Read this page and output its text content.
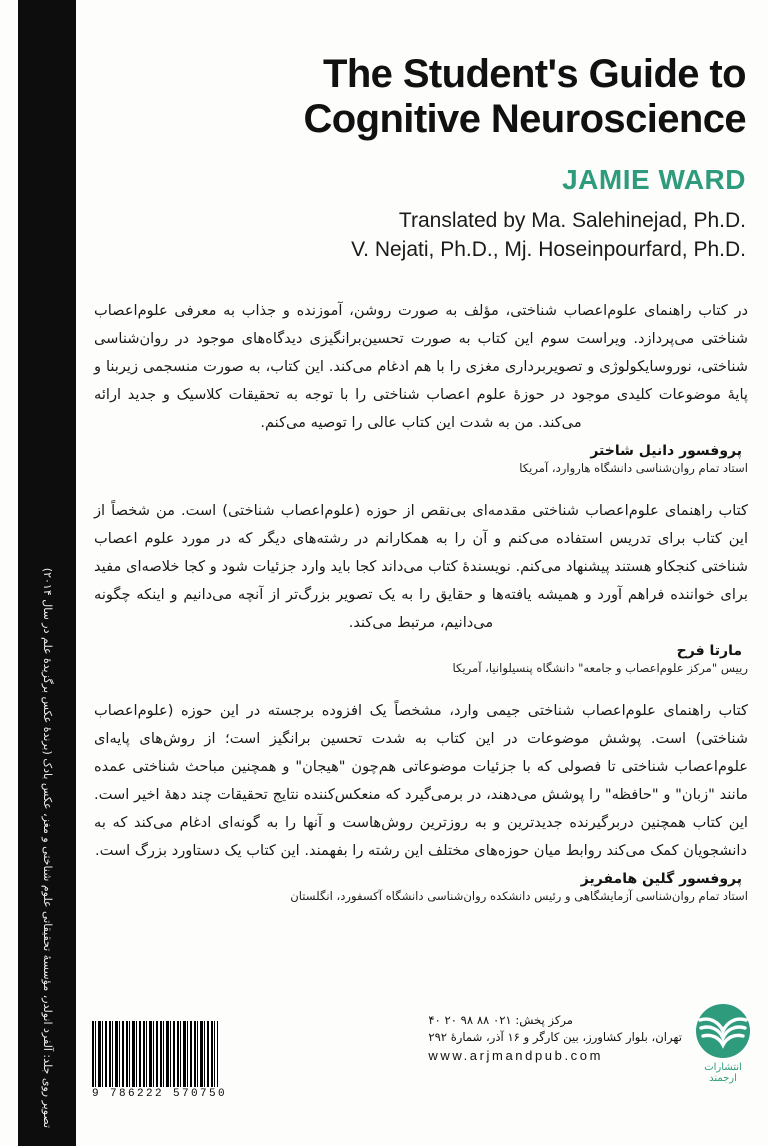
تصویر روی جلد: آلفرد انولدر، مؤسسهٔ تحقیقاتی علوم شناختی و مغز، عکس بادک (برندهٔ عکس برگزیدهٔ علم در سال ۲۰۱۴)
The Student's Guide to
Cognitive Neuroscience
JAMIE WARD
Translated by Ma. Salehinejad, Ph.D.
V. Nejati, Ph.D., Mj. Hoseinpourfard, Ph.D.
در کتاب راهنمای علوم‌اعصاب شناختی، مؤلف به صورت روشن، آموزنده و جذاب به معرفی علوم‌اعصاب شناختی می‌پردازد. ویراست سوم این کتاب به صورت تحسین‌برانگیزی دیدگاه‌های موجود در روان‌شناسی شناختی، نوروسایکولوژی و تصویربرداری مغزی را با هم ادغام می‌کند. این کتاب، به صورت منسجمی زیربنا و پایهٔ موضوعات کلیدی موجود در حوزهٔ علوم اعصاب شناختی را با توجه به تحقیقات کلاسیک و جدید ارائه می‌کند. من به شدت این کتاب عالی را توصیه می‌کنم.
پروفسور دانیل شاختر
استاد تمام روان‌شناسی دانشگاه هاروارد، آمریکا
کتاب راهنمای علوم‌اعصاب شناختی مقدمه‌ای بی‌نقص از حوزه (علوم‌اعصاب شناختی) است. من شخصاً از این کتاب برای تدریس استفاده می‌کنم و آن را به همکارانم در رشته‌های دیگر که در مورد علوم اعصاب شناختی کنجکاو هستند پیشنهاد می‌کنم. نویسندهٔ کتاب می‌داند کجا باید وارد جزئیات شود و کجا خلاصه‌ای مفید برای خواننده فراهم آورد و همیشه یافته‌ها و حقایق را به یک تصویر بزرگ‌تر از آنچه می‌دانیم و اینکه چگونه می‌دانیم، مرتبط می‌کند.
مارتا فرح
رییس "مرکز علوم‌اعصاب و جامعه" دانشگاه پنسیلوانیا، آمریکا
کتاب راهنمای علوم‌اعصاب شناختی جیمی وارد، مشخصاً یک افزوده برجسته در این حوزه (علوم‌اعصاب شناختی) است. پوشش موضوعات در این کتاب به شدت تحسین برانگیز است؛ از روش‌های پایه‌ای علوم‌اعصاب شناختی تا فصولی که با جزئیات موضوعاتی هم‌چون "هیجان" و همچنین مباحث شناختی عمده مانند "زبان" و "حافظه" را پوشش می‌دهند، در برمی‌گیرد که منعکس‌کننده نتایج تحقیقات چند دههٔ اخیر است. این کتاب همچنین دربرگیرنده جدیدترین و به روزترین روش‌هاست و آنها را به گونه‌ای ادغام می‌کند که به دانشجویان کمک می‌کند روابط میان حوزه‌های مختلف این رشته را بفهمند. این کتاب یک دستاورد بزرگ است.
پروفسور گلین هامفریز
استاد تمام روان‌شناسی آزمایشگاهی و رئیس دانشکده روان‌شناسی دانشگاه آکسفورد، انگلستان
9 786222 570750
انتشارات ارجمند
مرکز پخش: ۰۲۱ ۸۸ ۹۸ ۲۰ ۴۰
تهران، بلوار کشاورز، بین کارگر و ۱۶ آذر، شمارهٔ ۲۹۲
www.arjmandpub.com
